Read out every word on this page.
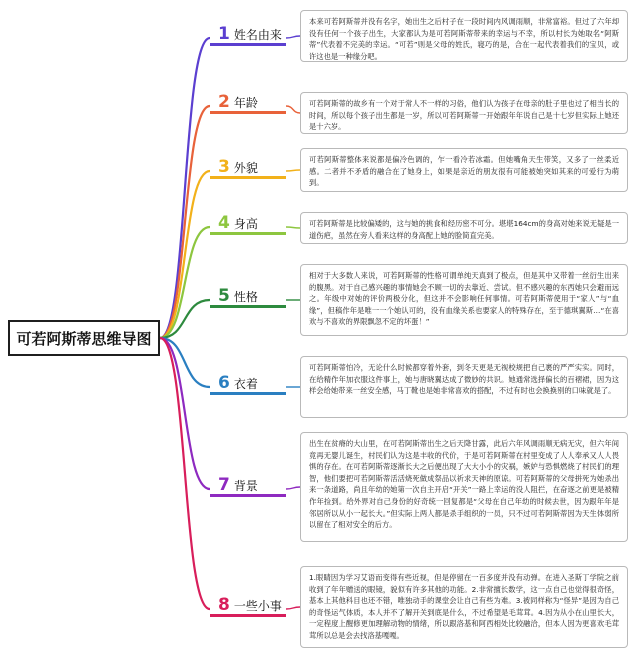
可若阿斯蒂思维导图
1 姓名由来
2 年龄
3 外貌
4 身高
5 性格
6 衣着
7 背景
8 一些小事
本来可若阿斯蒂并没有名字，她出生之后村子在一段时间内风调雨顺，非常富裕。但过了六年却没有任何一个孩子出生，大家都认为是可若阿斯蒂带来的幸运与不幸，所以村长为她取名“阿斯蒂”代表着不完美的幸运。“可若”则是父母的姓氏，寝巧的是，合在一起代表着我们的宝贝，或许这也是一种缘分吧。
可若阿斯蒂的故乡有一个对于常人不一样的习俗，他们认为孩子在母亲的肚子里也过了相当长的时间，所以每个孩子出生都是一岁，所以可若阿斯蒂一开始跟年年说自己是十七岁但实际上她还是十六岁。
可若阿斯蒂整体来说都是偏冷色调的，乍一看冷若冰霜。但她嘴角天生带笑，又多了一丝柔近感。二者并不矛盾的融合在了她身上，如果是亲近的朋友很有可能被她突如其来的可爱行为萌到。
可若阿斯蒂是比较偏矮的，这与她的挑食和经历密不可分。堪堪164cm的身高对她来说无疑是一道伤疤，虽然在旁人看来这样的身高配上她的脸简直完美。
相对于大多数人来说，可若阿斯蒂的性格可谓单纯天真到了极点，但是其中又带着一丝衍生出来的腹黑。对于自己感兴趣的事情她会不顾一切的去靠近、尝试。但不感兴趣的东西她只会避而远之。年级中对她的评价两极分化，但这并不会影响任何事情。可若阿斯蒂使用于“家人”与“血缘”，但稿作年是唯一一个她认可的，没有血缘关系也要家人的特殊存在，至于德琪翼斯…“在喜欢与不喜欢的界限飘忽不定的坏蛋！”
可若阿斯蒂怕冷，无论什么时候都穿着外套，到冬天更是无视校规把自己裹的严严实实。同时，在给精作年加衣服这件事上，她与唐晓翼达成了微妙的共识。她通常选择偏长的百褶裙，因为这样会给她带来一丝安全感，马丁靴也是她非常喜欢的搭配，不过有时也会换换别的口味就是了。
出生在贫瘠的大山里，在可若阿斯蒂出生之后天降甘露，此后六年风调雨顺无病无灾，但六年间竟再无婴儿诞生，村民们认为这是丰收的代价，于是可若阿斯蒂在村里变成了人人奉承又人人畏惧的存在。在可若阿斯蒂逐渐长大之后便出现了大大小小的灾祸，嫉妒与恐惧燃烧了村民们的理智，他们要把可若阿斯蒂活活烧死做成祭品以祈求天神的原谅。可若阿斯蒂的父母拼死为她杀出来一条道路，尚且年幼的她第一次自主开启“开关”一路上幸运的没人阻拦，在奋逐之前更是被精作年捡到。给外界对自己身份的好奇统一回复都是“父母在自己年幼的时候去世，因为跟年年是邻居所以从小一起长大。”但实际上两人都是杀手组织的一员，只不过可若阿斯蒂因为天生体弱所以留在了相对安全的后方。
1.眼睛因为学习艾语而变得有些近视，但是停留在一百多度并没有动弹。在进入圣斯丁学院之前收到了年年赠送的眼镜，貌似有许多其他的功能。2.非常擅长数学，这一点自己也觉得很奇怪，基本上其他科目也还不错，唯独动手的课堂会让自己有些为难。3.被同样称为“怪异”是因为自己的奇怪运气体质，本人并不了解开关到底是什么，不过希望是毛茸茸。4.因为从小在山里长大，一定程度上醒修更加理解动物的情绪，所以跟洛基和阿西相处比较融洽，但本人因为更喜欢毛茸茸所以总是会去找洛基嘎嘎。
